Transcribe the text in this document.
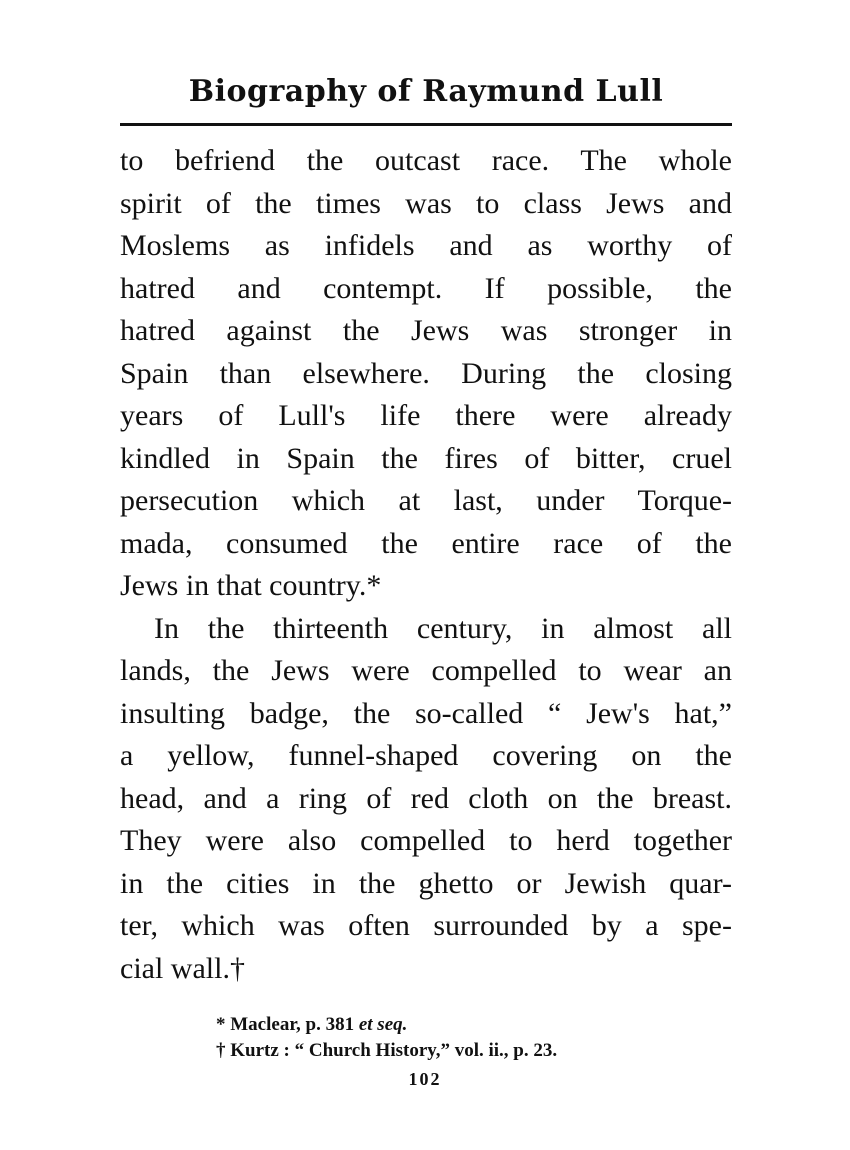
Biography of Raymund Lull
to befriend the outcast race. The whole
spirit of the times was to class Jews and
Moslems as infidels and as worthy of
hatred and contempt. If possible, the
hatred against the Jews was stronger in
Spain than elsewhere. During the closing
years of Lull's life there were already
kindled in Spain the fires of bitter, cruel
persecution which at last, under Torque-
mada, consumed the entire race of the
Jews in that country.*
In the thirteenth century, in almost all
lands, the Jews were compelled to wear an
insulting badge, the so-called “ Jew's hat,”
a yellow, funnel-shaped covering on the
head, and a ring of red cloth on the breast.
They were also compelled to herd together
in the cities in the ghetto or Jewish quar-
ter, which was often surrounded by a spe-
cial wall.†
* Maclear, p. 381 et seq.
† Kurtz : “ Church History,” vol. ii., p. 23.
102
